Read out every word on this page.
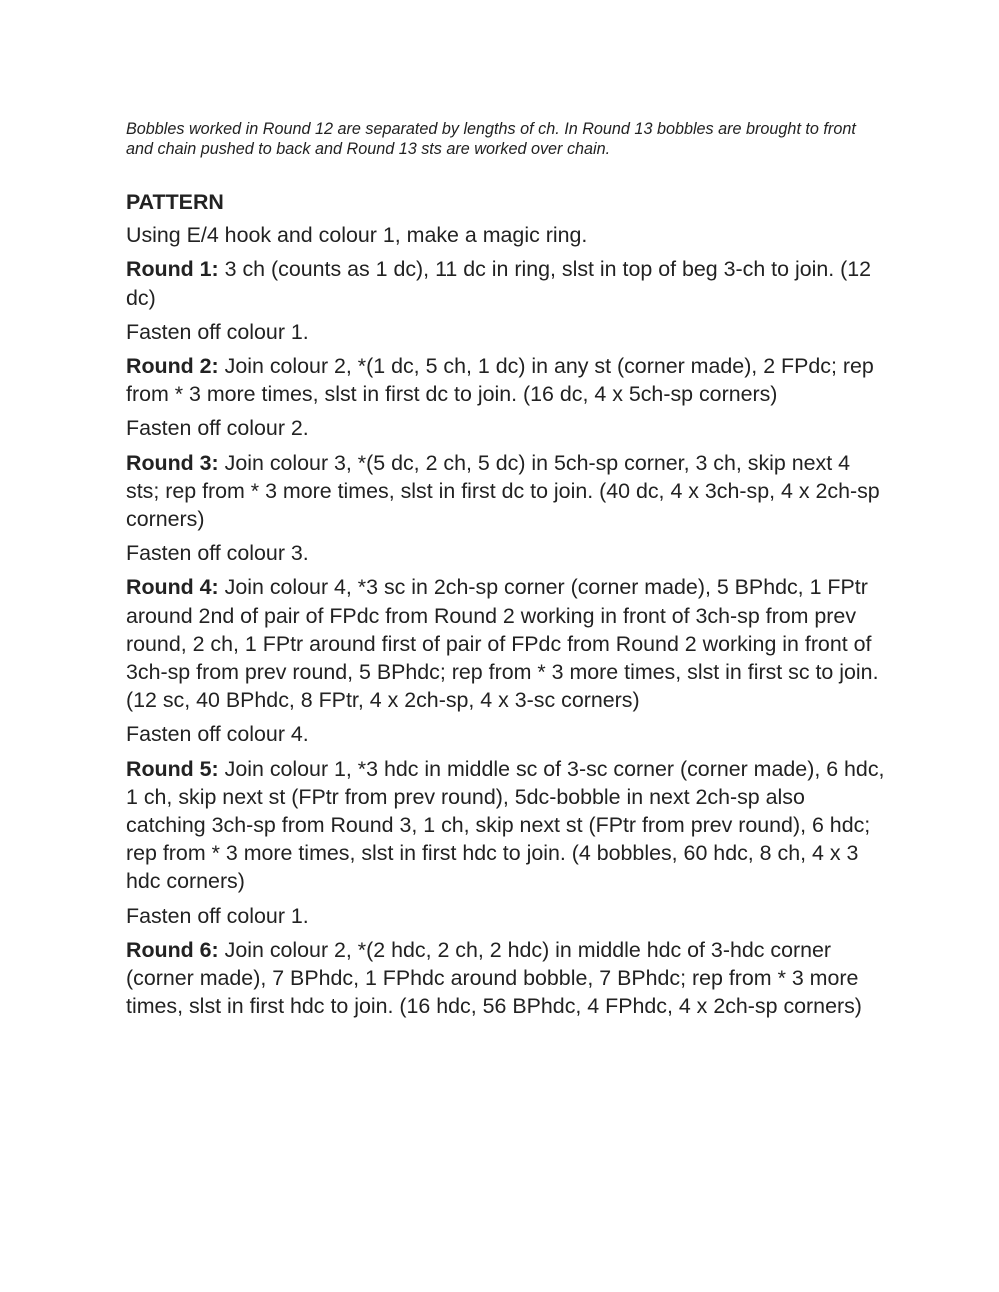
Bobbles worked in Round 12 are separated by lengths of ch. In Round 13 bobbles are brought to front and chain pushed to back and Round 13 sts are worked over chain.

PATTERN

Using E/4 hook and colour 1, make a magic ring.

Round 1: 3 ch (counts as 1 dc), 11 dc in ring, slst in top of beg 3-ch to join. (12 dc)

Fasten off colour 1.

Round 2: Join colour 2, *(1 dc, 5 ch, 1 dc) in any st (corner made), 2 FPdc; rep from * 3 more times, slst in first dc to join. (16 dc, 4 x 5ch-sp corners)

Fasten off colour 2.

Round 3: Join colour 3, *(5 dc, 2 ch, 5 dc) in 5ch-sp corner, 3 ch, skip next 4 sts; rep from * 3 more times, slst in first dc to join. (40 dc, 4 x 3ch-sp, 4 x 2ch-sp corners)

Fasten off colour 3.

Round 4: Join colour 4, *3 sc in 2ch-sp corner (corner made), 5 BPhdc, 1 FPtr around 2nd of pair of FPdc from Round 2 working in front of 3ch-sp from prev round, 2 ch, 1 FPtr around first of pair of FPdc from Round 2 working in front of 3ch-sp from prev round, 5 BPhdc; rep from * 3 more times, slst in first sc to join. (12 sc, 40 BPhdc, 8 FPtr, 4 x 2ch-sp, 4 x 3-sc corners)

Fasten off colour 4.

Round 5: Join colour 1, *3 hdc in middle sc of 3-sc corner (corner made), 6 hdc, 1 ch, skip next st (FPtr from prev round), 5dc-bobble in next 2ch-sp also catching 3ch-sp from Round 3, 1 ch, skip next st (FPtr from prev round), 6 hdc; rep from * 3 more times, slst in first hdc to join. (4 bobbles, 60 hdc, 8 ch, 4 x 3 hdc corners)

Fasten off colour 1.

Round 6: Join colour 2, *(2 hdc, 2 ch, 2 hdc) in middle hdc of 3-hdc corner (corner made), 7 BPhdc, 1 FPhdc around bobble, 7 BPhdc; rep from * 3 more times, slst in first hdc to join. (16 hdc, 56 BPhdc, 4 FPhdc, 4 x 2ch-sp corners)
